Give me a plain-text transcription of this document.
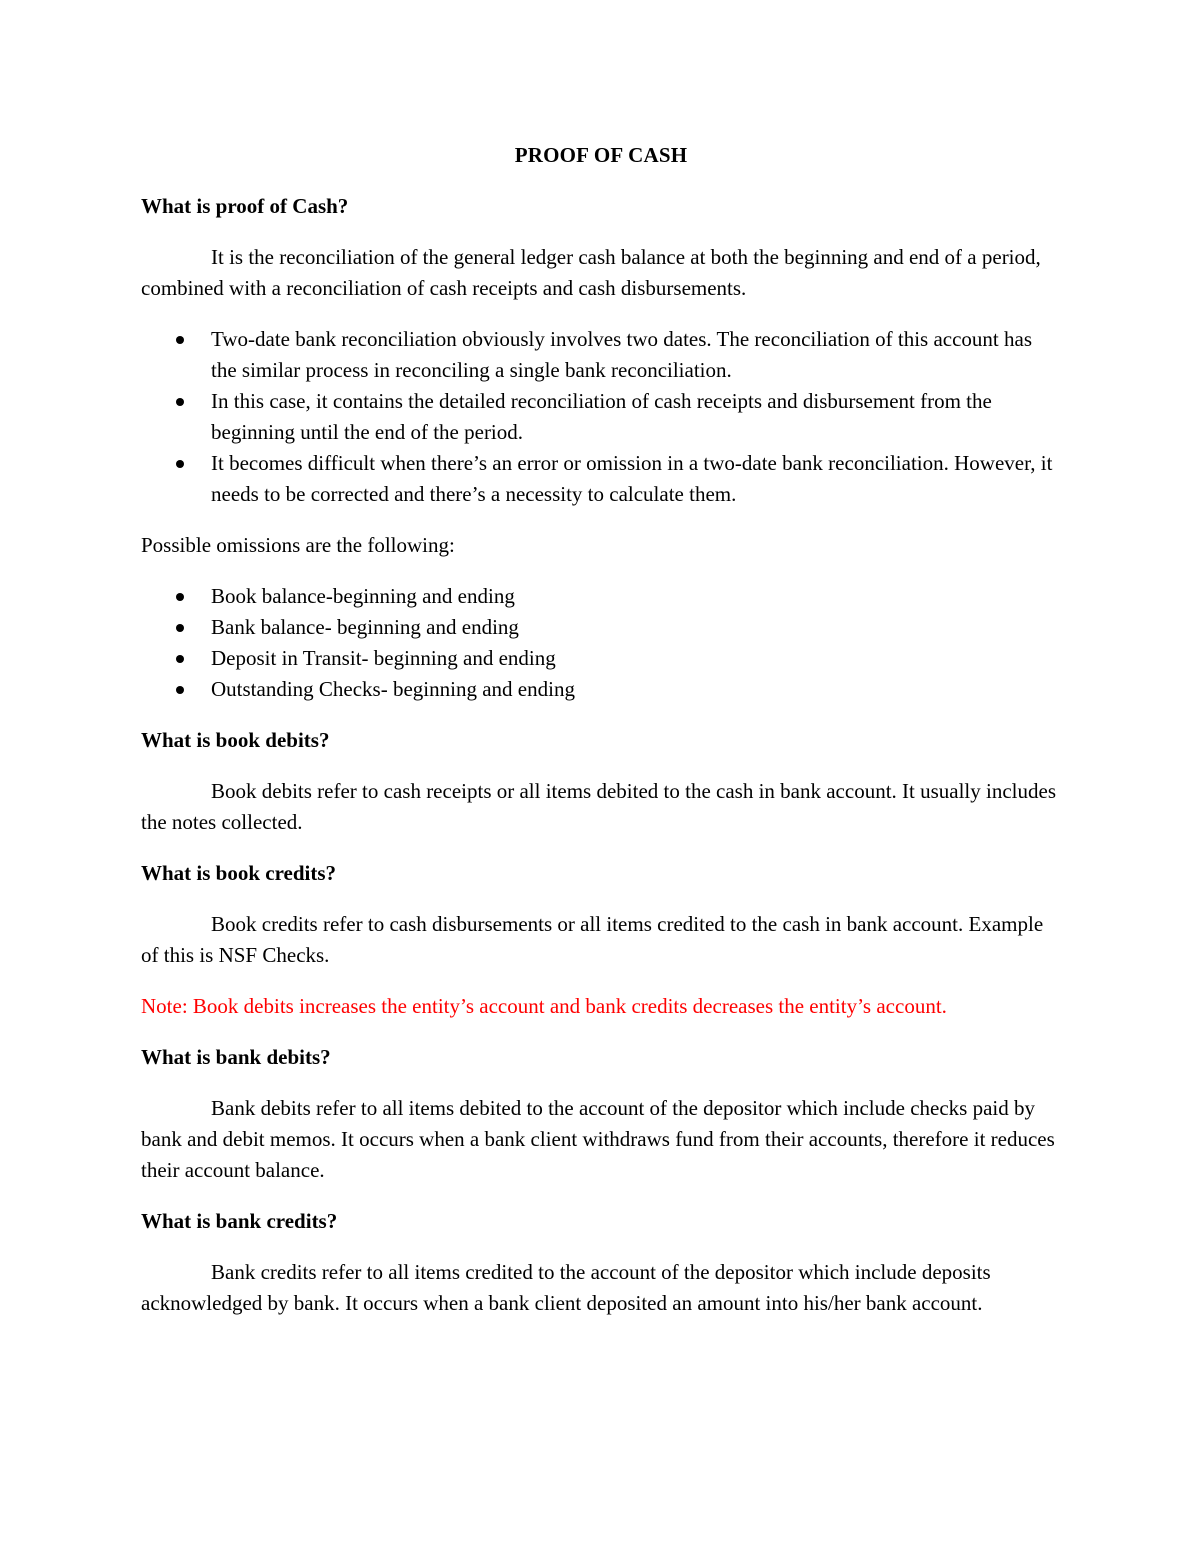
PROOF OF CASH
What is proof of Cash?
It is the reconciliation of the general ledger cash balance at both the beginning and end of a period, combined with a reconciliation of cash receipts and cash disbursements.
Two-date bank reconciliation obviously involves two dates. The reconciliation of this account has the similar process in reconciling a single bank reconciliation.
In this case, it contains the detailed reconciliation of cash receipts and disbursement from the beginning until the end of the period.
It becomes difficult when there’s an error or omission in a two-date bank reconciliation. However, it needs to be corrected and there’s a necessity to calculate them.
Possible omissions are the following:
Book balance-beginning and ending
Bank balance- beginning and ending
Deposit in Transit- beginning and ending
Outstanding Checks- beginning and ending
What is book debits?
Book debits refer to cash receipts or all items debited to the cash in bank account. It usually includes the notes collected.
What is book credits?
Book credits refer to cash disbursements or all items credited to the cash in bank account. Example of this is NSF Checks.
Note: Book debits increases the entity’s account and bank credits decreases the entity’s account.
What is bank debits?
Bank debits refer to all items debited to the account of the depositor which include checks paid by bank and debit memos. It occurs when a bank client withdraws fund from their accounts, therefore it reduces their account balance.
What is bank credits?
Bank credits refer to all items credited to the account of the depositor which include deposits acknowledged by bank. It occurs when a bank client deposited an amount into his/her bank account.
